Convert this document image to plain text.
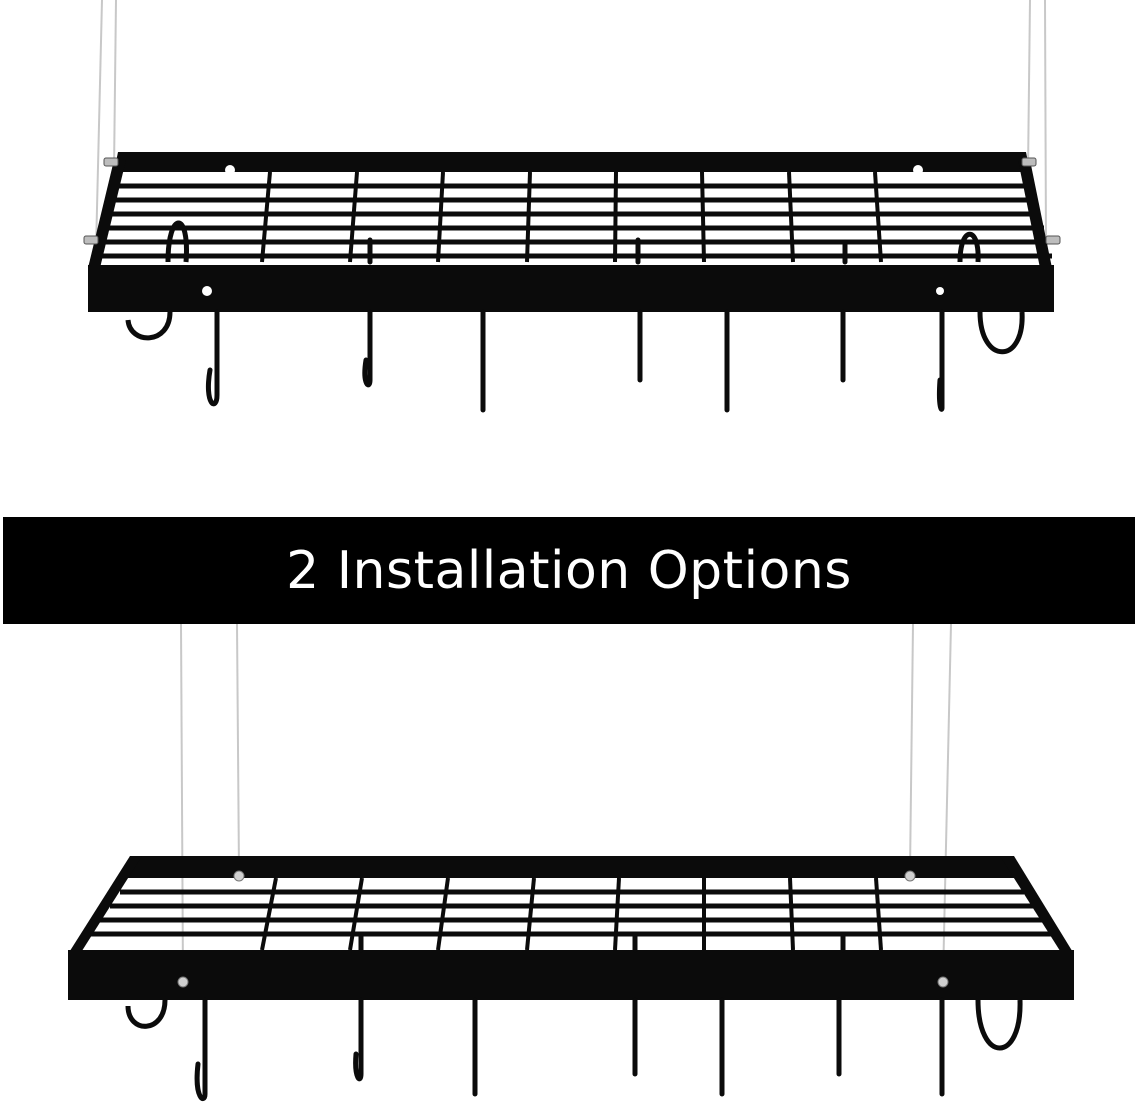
2 Installation Options
